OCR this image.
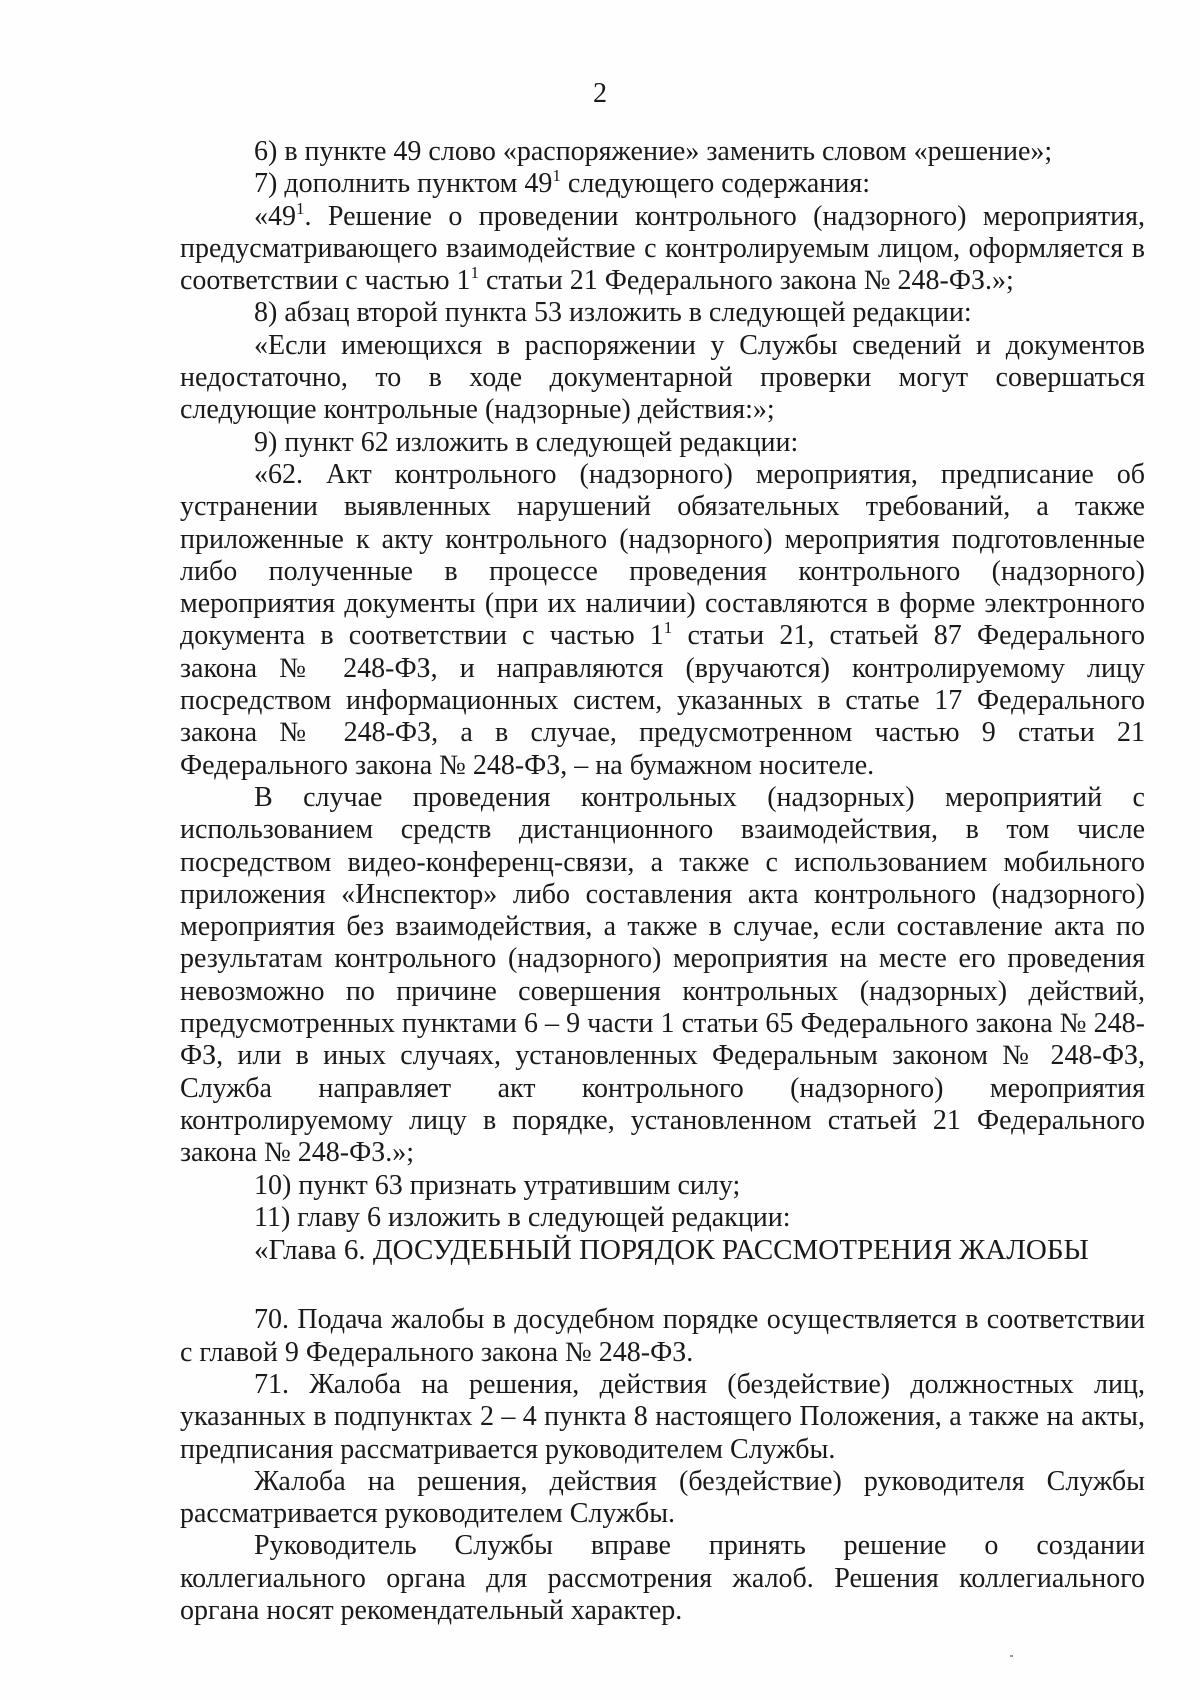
2

6) в пункте 49 слово «распоряжение» заменить словом «решение»;

7) дополнить пунктом $49^1$ следующего содержания:

«$49^1$. Решение о проведении контрольного (надзорного) мероприятия, предусматривающего взаимодействие с контролируемым лицом, оформляется в соответствии с частью $1^1$ статьи 21 Федерального закона № 248-ФЗ.»;

8) абзац второй пункта 53 изложить в следующей редакции:

«Если имеющихся в распоряжении у Службы сведений и документов недостаточно, то в ходе документарной проверки могут совершаться следующие контрольные (надзорные) действия:»;

9) пункт 62 изложить в следующей редакции:

«62. Акт контрольного (надзорного) мероприятия, предписание об устранении выявленных нарушений обязательных требований, а также приложенные к акту контрольного (надзорного) мероприятия подготовленные либо полученные в процессе проведения контрольного (надзорного) мероприятия документы (при их наличии) составляются в форме электронного документа в соответствии с частью $1^1$ статьи 21, статьей 87 Федерального закона № 248-ФЗ, и направляются (вручаются) контролируемому лицу посредством информационных систем, указанных в статье 17 Федерального закона № 248-ФЗ, а в случае, предусмотренном частью 9 статьи 21 Федерального закона № 248-ФЗ, – на бумажном носителе.

В случае проведения контрольных (надзорных) мероприятий с использованием средств дистанционного взаимодействия, в том числе посредством видео-конференц-связи, а также с использованием мобильного приложения «Инспектор» либо составления акта контрольного (надзорного) мероприятия без взаимодействия, а также в случае, если составление акта по результатам контрольного (надзорного) мероприятия на месте его проведения невозможно по причине совершения контрольных (надзорных) действий, предусмотренных пунктами 6 – 9 части 1 статьи 65 Федерального закона № 248-ФЗ, или в иных случаях, установленных Федеральным законом № 248-ФЗ, Служба направляет акт контрольного (надзорного) мероприятия контролируемому лицу в порядке, установленном статьей 21 Федерального закона № 248-ФЗ.»;

10) пункт 63 признать утратившим силу;

11) главу 6 изложить в следующей редакции:

«Глава 6. ДОСУДЕБНЫЙ ПОРЯДОК РАССМОТРЕНИЯ ЖАЛОБЫ

70. Подача жалобы в досудебном порядке осуществляется в соответствии с главой 9 Федерального закона № 248-ФЗ.

71. Жалоба на решения, действия (бездействие) должностных лиц, указанных в подпунктах 2 – 4 пункта 8 настоящего Положения, а также на акты, предписания рассматривается руководителем Службы.

Жалоба на решения, действия (бездействие) руководителя Службы рассматривается руководителем Службы.

Руководитель Службы вправе принять решение о создании коллегиального органа для рассмотрения жалоб. Решения коллегиального органа носят рекомендательный характер.
